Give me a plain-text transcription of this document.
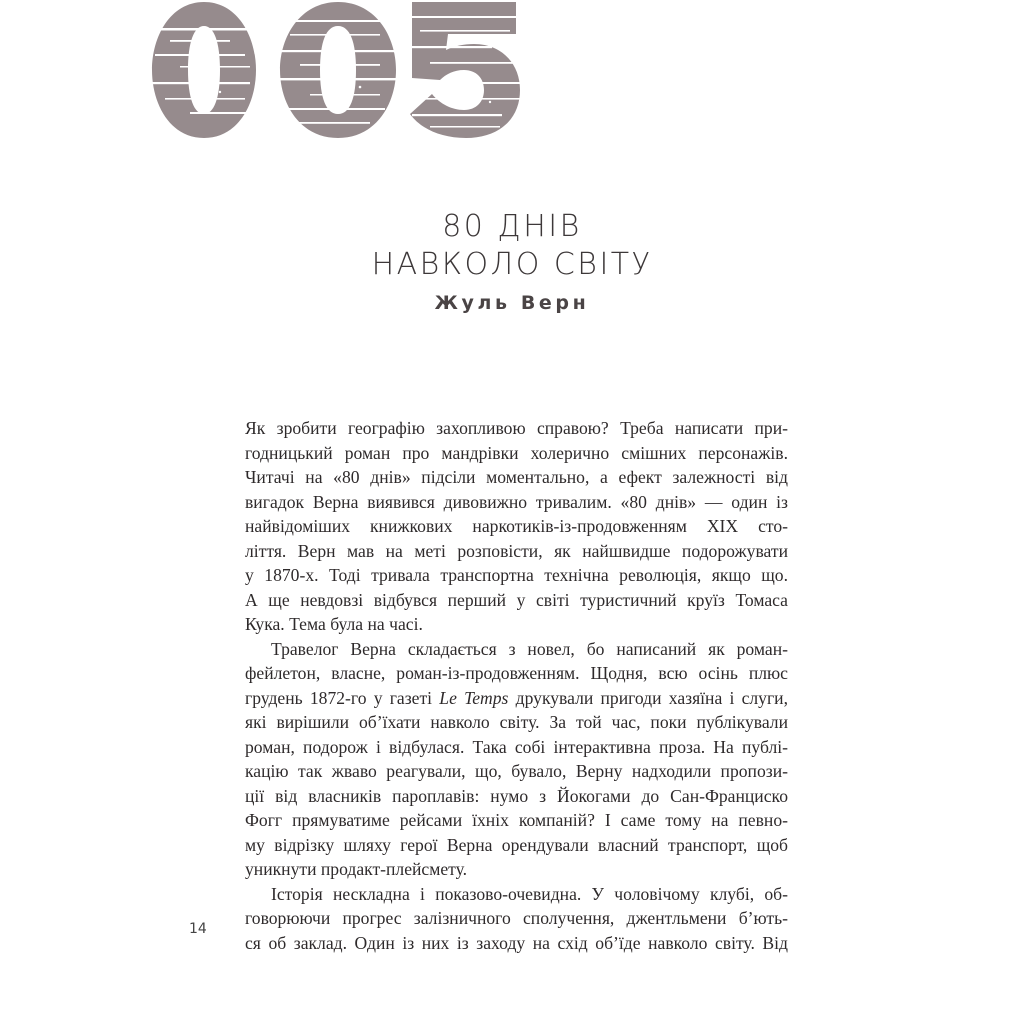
80 ДНІВ
НАВКОЛО СВІТУ
Жуль Верн
Як зробити географію захопливою справою? Треба написати при-
годницький роман про мандрівки холерично смішних персонажів.
Читачі на «80 днів» підсіли моментально, а ефект залежності від
вигадок Верна виявився дивовижно тривалим. «80 днів» — один із
найвідоміших книжкових наркотиків-із-продовженням XIX сто-
ліття. Верн мав на меті розповісти, як найшвидше подорожувати
у 1870-х. Тоді тривала транспортна технічна революція, якщо що.
А ще невдовзі відбувся перший у світі туристичний круїз Томаса
Кука. Тема була на часі.
Травелог Верна складається з новел, бо написаний як роман-
фейлетон, власне, роман-із-продовженням. Щодня, всю осінь плюс
грудень 1872-го у газеті Le Temps друкували пригоди хазяїна і слуги,
які вирішили об’їхати навколо світу. За той час, поки публікували
роман, подорож і відбулася. Така собі інтерактивна проза. На публі-
кацію так жваво реагували, що, бувало, Верну надходили пропози-
ції від власників пароплавів: нумо з Йокогами до Сан-Франциско
Фогг прямуватиме рейсами їхніх компаній? І саме тому на певно-
му відрізку шляху герої Верна орендували власний транспорт, щоб
уникнути продакт-плейсмету.
Історія нескладна і показово-очевидна. У чоловічому клубі, об-
говорюючи прогрес залізничного сполучення, джентльмени б’ють-
ся об заклад. Один із них із заходу на схід об’їде навколо світу. Від
14
